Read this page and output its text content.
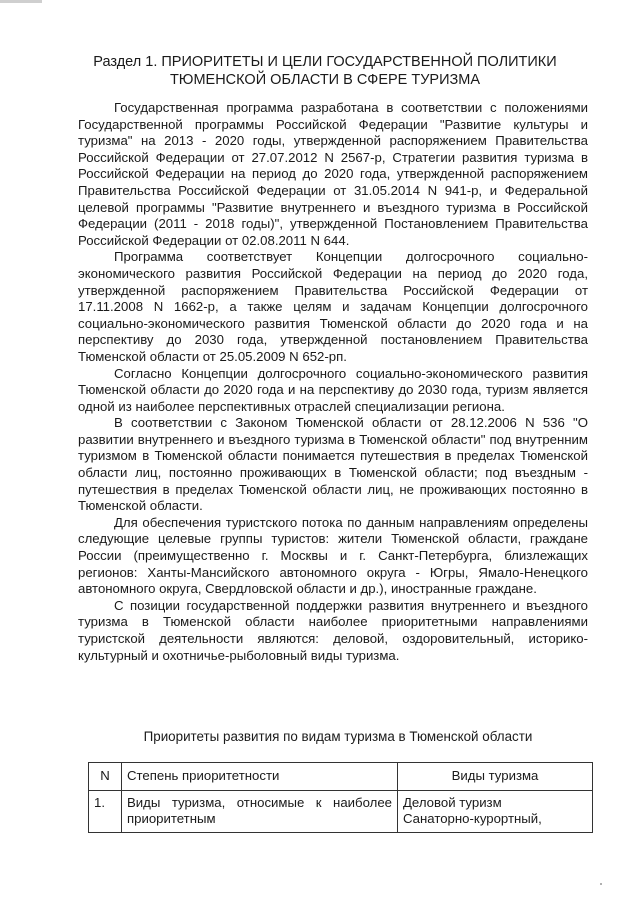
Раздел 1. ПРИОРИТЕТЫ И ЦЕЛИ ГОСУДАРСТВЕННОЙ ПОЛИТИКИ ТЮМЕНСКОЙ ОБЛАСТИ В СФЕРЕ ТУРИЗМА

Государственная программа разработана в соответствии с положениями Государственной программы Российской Федерации "Развитие культуры и туризма" на 2013 - 2020 годы, утвержденной распоряжением Правительства Российской Федерации от 27.07.2012 N 2567-р, Стратегии развития туризма в Российской Федерации на период до 2020 года, утвержденной распоряжением Правительства Российской Федерации от 31.05.2014 N 941-р, и Федеральной целевой программы "Развитие внутреннего и въездного туризма в Российской Федерации (2011 - 2018 годы)", утвержденной Постановлением Правительства Российской Федерации от 02.08.2011 N 644.

Программа соответствует Концепции долгосрочного социально-экономического развития Российской Федерации на период до 2020 года, утвержденной распоряжением Правительства Российской Федерации от 17.11.2008 N 1662-р, а также целям и задачам Концепции долгосрочного социально-экономического развития Тюменской области до 2020 года и на перспективу до 2030 года, утвержденной постановлением Правительства Тюменской области от 25.05.2009 N 652-рп.

Согласно Концепции долгосрочного социально-экономического развития Тюменской области до 2020 года и на перспективу до 2030 года, туризм является одной из наиболее перспективных отраслей специализации региона.

В соответствии с Законом Тюменской области от 28.12.2006 N 536 "О развитии внутреннего и въездного туризма в Тюменской области" под внутренним туризмом в Тюменской области понимается путешествия в пределах Тюменской области лиц, постоянно проживающих в Тюменской области; под въездным - путешествия в пределах Тюменской области лиц, не проживающих постоянно в Тюменской области.

Для обеспечения туристского потока по данным направлениям определены следующие целевые группы туристов: жители Тюменской области, граждане России (преимущественно г. Москвы и г. Санкт-Петербурга, близлежащих регионов: Ханты-Мансийского автономного округа - Югры, Ямало-Ненецкого автономного округа, Свердловской области и др.), иностранные граждане.

С позиции государственной поддержки развития внутреннего и въездного туризма в Тюменской области наиболее приоритетными направлениями туристской деятельности являются: деловой, оздоровительный, историко-культурный и охотничье-рыболовный виды туризма.

Приоритеты развития по видам туризма в Тюменской области
N	Степень приоритетности	Виды туризма
1.	Виды туризма, относимые к наиболее приоритетным	Деловой туризм
Санаторно-курортный,
